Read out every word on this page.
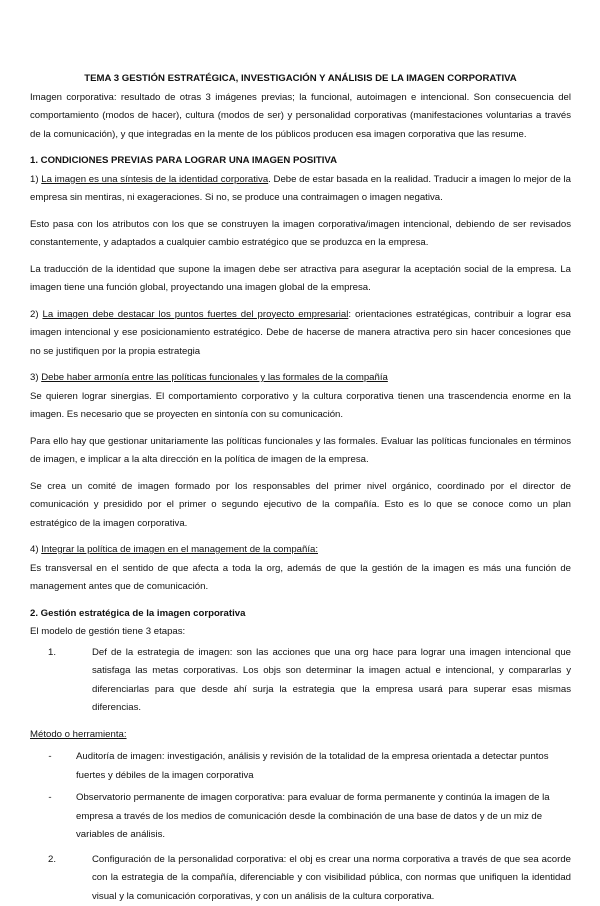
TEMA 3 GESTIÓN ESTRATÉGICA, INVESTIGACIÓN Y ANÁLISIS DE LA IMAGEN CORPORATIVA

Imagen corporativa: resultado de otras 3 imágenes previas; la funcional, autoimagen e intencional. Son consecuencia del comportamiento (modos de hacer), cultura (modos de ser) y personalidad corporativas (manifestaciones voluntarias a través de la comunicación), y que integradas en la mente de los públicos producen esa imagen corporativa que las resume.

1. CONDICIONES PREVIAS PARA LOGRAR UNA IMAGEN POSITIVA

1) La imagen es una síntesis de la identidad corporativa. Debe de estar basada en la realidad. Traducir a imagen lo mejor de la empresa sin mentiras, ni exageraciones. Si no, se produce una contraimagen o imagen negativa.

Esto pasa con los atributos con los que se construyen la imagen corporativa/imagen intencional, debiendo de ser revisados constantemente, y adaptados a cualquier cambio estratégico que se produzca en la empresa.

La traducción de la identidad que supone la imagen debe ser atractiva para asegurar la aceptación social de la empresa. La imagen tiene una función global, proyectando una imagen global de la empresa.

2) La imagen debe destacar los puntos fuertes del proyecto empresarial: orientaciones estratégicas, contribuir a lograr esa imagen intencional y ese posicionamiento estratégico. Debe de hacerse de manera atractiva pero sin hacer concesiones que no se justifiquen por la propia estrategia

3) Debe haber armonía entre las políticas funcionales y las formales de la compañía

Se quieren lograr sinergias. El comportamiento corporativo y la cultura corporativa tienen una trascendencia enorme en la imagen. Es necesario que se proyecten en sintonía con su comunicación.

Para ello hay que gestionar unitariamente las políticas funcionales y las formales. Evaluar las políticas funcionales en términos de imagen, e implicar a la alta dirección en la política de imagen de la empresa.

Se crea un comité de imagen formado por los responsables del primer nivel orgánico, coordinado por el director de comunicación y presidido por el primer o segundo ejecutivo de la compañía. Esto es lo que se conoce como un plan estratégico de la imagen corporativa.

4) Integrar la política de imagen en el management de la compañía:

Es transversal en el sentido de que afecta a toda la org, además de que la gestión de la imagen es más una función de management antes que de comunicación.

2. Gestión estratégica de la imagen corporativa

El modelo de gestión tiene 3 etapas:

1.	Def de la estrategia de imagen: son las acciones que una org hace para lograr una imagen intencional que satisfaga las metas corporativas. Los objs son determinar la imagen actual e intencional, y compararlas y diferenciarlas para que desde ahí surja la estrategia que la empresa usará para superar esas mismas diferencias.

Método o herramienta:

-	Auditoría de imagen: investigación, análisis y revisión de la totalidad de la empresa orientada a detectar puntos fuertes y débiles de la imagen corporativa
-	Observatorio permanente de imagen corporativa: para evaluar de forma permanente y continúa la imagen de la empresa a través de los medios de comunicación desde la combinación de una base de datos y de un miz de variables de análisis.
2.	Configuración de la personalidad corporativa: el obj es crear una norma corporativa a través de que sea acorde con la estrategia de la compañía, diferenciable y con visibilidad pública, con normas que unifiquen la identidad visual y la comunicación corporativas, y con un análisis de la cultura corporativa.
